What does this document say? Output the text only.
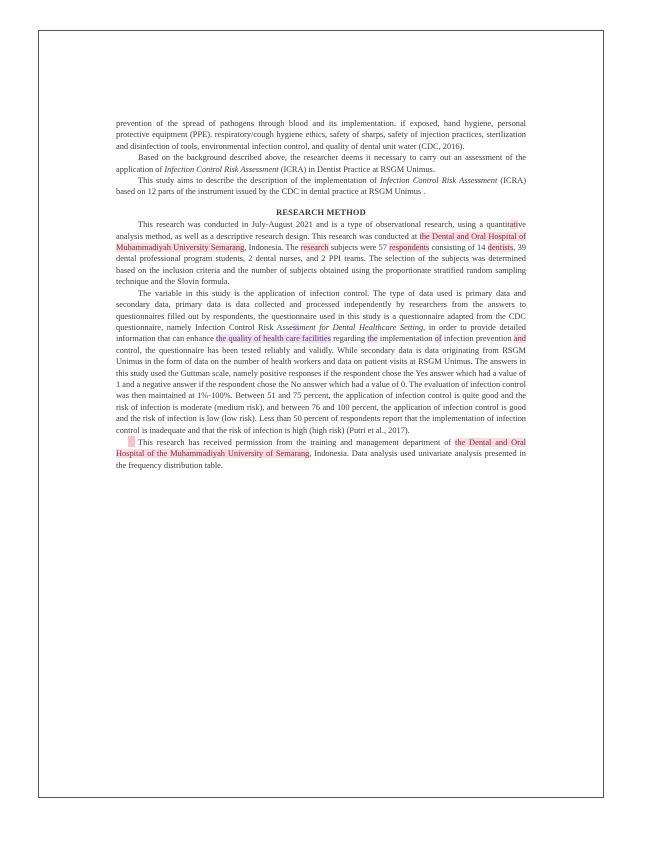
prevention of the spread of pathogens through blood and its implementation. if exposed, hand hygiene, personal protective equipment (PPE). respiratory/cough hygiene ethics, safety of sharps, safety of injection practices, sterilization and disinfection of tools, environmental infection control, and quality of dental unit water (CDC, 2016).

Based on the background described above, the researcher deems it necessary to carry out an assessment of the application of Infection Control Risk Assessment (ICRA) in Dentist Practice at RSGM Unimus.

This study aims to describe the description of the implementation of Infection Control Risk Assessment (ICRA) based on 12 parts of the instrument issued by the CDC in dental practice at RSGM Unimus .

RESEARCH METHOD

This research was conducted in July-August 2021 and is a type of observational research, using a quantitative analysis method, as well as a descriptive research design. This research was conducted at the Dental and Oral Hospital of Muhammadiyah University Semarang, Indonesia. The research subjects were 57 respondents consisting of 14 dentists, 39 dental professional program students, 2 dental nurses, and 2 PPI teams. The selection of the subjects was determined based on the inclusion criteria and the number of subjects obtained using the proportionate stratified random sampling technique and the Slovin formula.

The variable in this study is the application of infection control. The type of data used is primary data and secondary data, primary data is data collected and processed independently by researchers from the answers to questionnaires filled out by respondents, the questionnaire used in this study is a questionnaire adapted from the CDC questionnaire, namely Infection Control Risk Assessment for Dental Healthcare Setting, in order to provide detailed information that can enhance the quality of health care facilities regarding the implementation of infection prevention and control, the questionnaire has been tested reliably and validly. While secondary data is data originating from RSGM Unimus in the form of data on the number of health workers and data on patient visits at RSGM Unimus. The answers in this study used the Guttman scale, namely positive responses if the respondent chose the Yes answer which had a value of 1 and a negative answer if the respondent chose the No answer which had a value of 0. The evaluation of infection control was then maintained at 1%-100%. Between 51 and 75 percent, the application of infection control is quite good and the risk of infection is moderate (medium risk), and between 76 and 100 percent, the application of infection control is good and the risk of infection is low (low risk). Less than 50 percent of respondents report that the implementation of infection control is inadequate and that the risk of infection is high (high risk) (Putri et al., 2017).

This research has received permission from the training and management department of the Dental and Oral Hospital of the Muhammadiyah University of Semarang, Indonesia. Data analysis used univariate analysis presented in the frequency distribution table.
